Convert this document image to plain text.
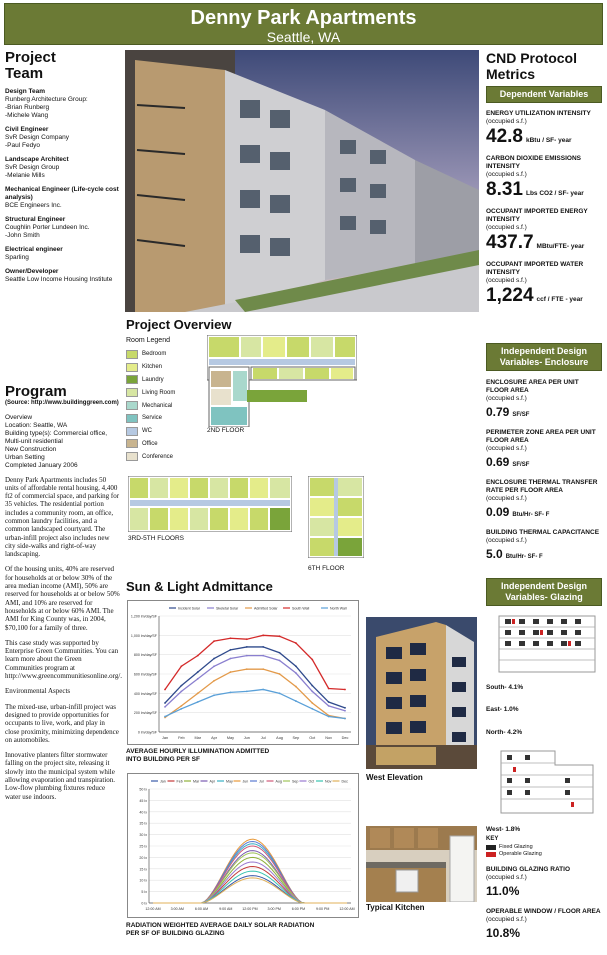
Denny Park Apartments
Seattle, WA
Project
Team
Design Team
Runberg Architecture Group:
-Brian Runberg
-Michele Wang
Civil Engineer
SvR Design Company
-Paul Fedyo
Landscape Architect
SvR Design Group
-Melanie Mills
Mechanical Engineer (Life-cycle cost analysis)
BCE Engineers Inc.
Structural Engineer
Coughlin Porter Lundeen Inc.
-John Smith
Electrical engineer
Sparling
Owner/Developer
Seattle Low Income Housing Institute
Program
(Source: http://www.buildinggreen.com)
Overview
Location: Seattle, WA
Building type(s): Commercial office,
Multi-unit residential
New Construction
Urban Setting
Completed January 2006
Denny Park Apartments includes 50 units of affordable rental housing, 4,400 ft2 of commercial space, and parking for 35 vehicles. The residential portion includes a community room, an office, common laundry facilities, and a common landscaped courtyard. The urban-infill project also includes new city side-walks and right-of-way landscaping.
Of the housing units, 40% are reserved for households at or below 30% of the area median income (AMI), 50% are reserved for households at or below 50% AMI, and 10% are reserved for households at or below 60% AMI. The AMI for King County was, in 2004, $70,100 for a family of three.
This case study was supported by Enterprise Green Communities. You can learn more about the Green Communities program at http://www.greencommunitiesonline.org/.
Environmental Aspects
The mixed-use, urban-infill project was designed to provide opportunities for occupants to live, work, and play in close proximity, minimizing dependence on automobiles.
Innovative planters filter stormwater falling on the project site, releasing it slowly into the municipal system while allowing evaporation and transpiration. Low-flow plumbing fixtures reduce water use indoors.
Project Overview
Room Legend
Bedroom
Kitchen
Laundry
Living Room
Mechanical
Service
WC
Office
Conference
2ND FLOOR
3RD-5TH FLOORS
6TH FLOOR
Sun & Light Admittance
0 lm/day/SF
200 lm/day/SF
400 lm/day/SF
600 lm/day/SF
800 lm/day/SF
1,000 lm/day/SF
1,200 lm/day/SF
Incident Solar	Skeletal Solar	Admitted Solar	South Wall	North Wall
Jan	Feb	Mar	Apr	May	Jun	Jul	Aug	Sep	Oct	Nov	Dec
AVERAGE HOURLY ILLUMINATION ADMITTED INTO BUILDING PER SF
0 lx
5 lx
10 lx
15 lx
20 lx
25 lx
30 lx
35 lx
40 lx
45 lx
50 lx
Jan	Feb	Mar	Apr	May	Jun	Jul	Aug	Sep	Oct	Nov	Dec
12:00 AM	3:00 AM	6:00 AM	9:00 AM	12:00 PM	3:00 PM	6:00 PM	9:00 PM	12:00 AM
RADIATION WEIGHTED AVERAGE DAILY SOLAR RADIATION PER SF OF BUILDING GLAZING
West Elevation
Typical Kitchen
CND Protocol Metrics
Dependent Variables
ENERGY UTILIZATION INTENSITY
(occupied s.f.)
42.8 kBtu / SF- year
CARBON DIOXIDE EMISSIONS INTENSITY
(occupied s.f.)
8.31 Lbs CO2 / SF- year
OCCUPANT IMPORTED ENERGY INTENSITY
(occupied s.f.)
437.7 MBtu/FTE- year
OCCUPANT IMPORTED WATER INTENSITY
(occupied s.f.)
1,224 ccf / FTE - year
Independent Design Variables- Enclosure
ENCLOSURE AREA PER UNIT FLOOR AREA
(occupied s.f.)
0.79 SF/SF
PERIMETER ZONE AREA PER UNIT FLOOR AREA
(occupied s.f.)
0.69 SF/SF
ENCLOSURE THERMAL TRANSFER RATE PER FLOOR AREA
(occupied s.f.)
0.09 Btu/Hr- SF- F
BUILDING THERMAL CAPACITANCE
(occupied s.f.)
5.0 Btu/Hr- SF- F
Independent Design Variables- Glazing
South- 4.1%
East- 1.0%
North- 4.2%
West- 1.8%
KEY
Fixed Glazing
Operable Glazing
BUILDING GLAZING RATIO
(occupied s.f.)
11.0%
OPERABLE WINDOW / FLOOR AREA
(occupied s.f.)
10.8%
